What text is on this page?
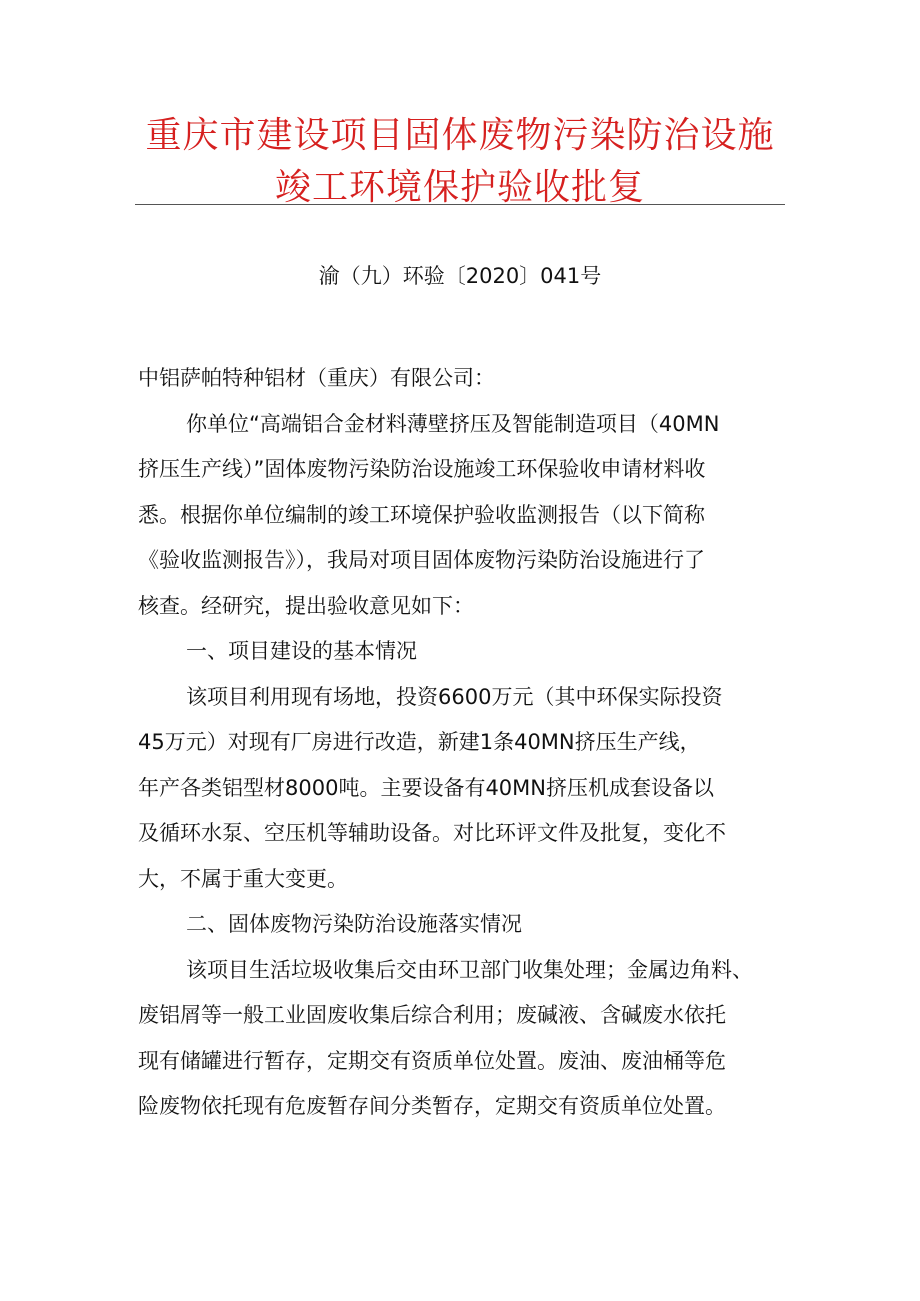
重庆市建设项目固体废物污染防治设施
竣工环境保护验收批复
渝（九）环验〔2020〕041号
中铝萨帕特种铝材（重庆）有限公司：
你单位“高端铝合金材料薄壁挤压及智能制造项目（40MN
挤压生产线）”固体废物污染防治设施竣工环保验收申请材料收
悉。根据你单位编制的竣工环境保护验收监测报告（以下简称
《验收监测报告》），我局对项目固体废物污染防治设施进行了
核查。经研究，提出验收意见如下：
一、项目建设的基本情况
该项目利用现有场地，投资6600万元（其中环保实际投资
45万元）对现有厂房进行改造，新建1条40MN挤压生产线，
年产各类铝型材8000吨。主要设备有40MN挤压机成套设备以
及循环水泵、空压机等辅助设备。对比环评文件及批复，变化不
大，不属于重大变更。
二、固体废物污染防治设施落实情况
该项目生活垃圾收集后交由环卫部门收集处理；金属边角料、
废铝屑等一般工业固废收集后综合利用；废碱液、含碱废水依托
现有储罐进行暂存，定期交有资质单位处置。废油、废油桶等危
险废物依托现有危废暂存间分类暂存，定期交有资质单位处置。
